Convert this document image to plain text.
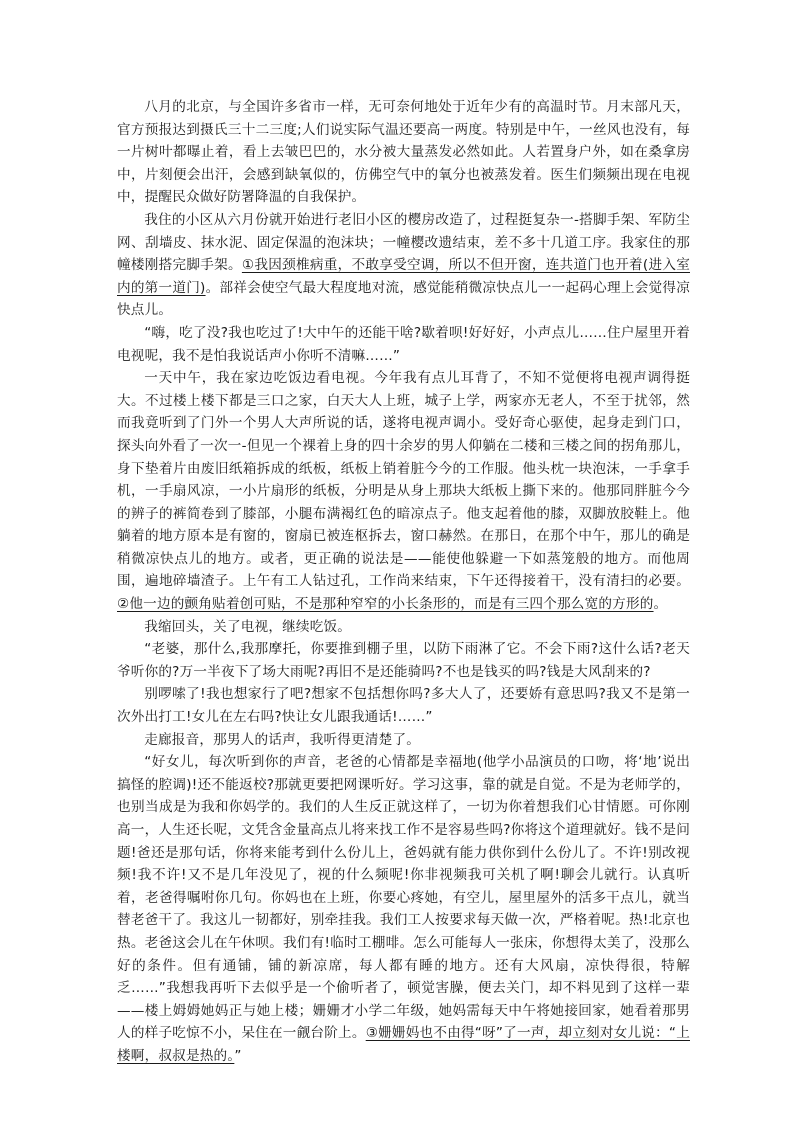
八月的北京，与全国许多省市一样，无可奈何地处于近年少有的高温时节。月末部凡天，官方预报达到摄氏三十二三度;人们说实际气温还要高一两度。特别是中午，一丝风也没有，每一片树叶都曝止着，看上去皱巴巴的，水分被大量蒸发必然如此。人若置身户外，如在桑拿房中，片刻便会出汗，会感到缺氧似的，仿佛空气中的氧分也被蒸发着。医生们频频出现在电视中，提醒民众做好防署降温的自我保护。

我住的小区从六月份就开始进行老旧小区的樱房改造了，过程挺复杂一-搭脚手架、军防尘网、刮墙皮、抹水泥、固定保温的泡沫块；一幢樱改遗结束，差不多十几道工序。我家住的那幢楼刚搭完脚手架。①我因颈椎病重，不敢享受空调，所以不但开窗，连共道门也开着(进入室内的第一道门)。部祥会使空气最大程度地对流，感觉能稍微凉快点儿一一起码心理上会觉得凉快点儿。

“嗨，吃了没?我也吃过了!大中午的还能干啥?歇着呗!好好好，小声点儿……住户屋里开着电视呢，我不是怕我说话声小你听不清嘛……”

一天中午，我在家边吃饭边看电视。今年我有点儿耳背了，不知不觉便将电视声调得挺大。不过楼上楼下都是三口之家，白天大人上班，城子上学，两家亦无老人，不至于扰邻，然而我竟听到了门外一个男人大声所说的话，遂将电视声调小。受好奇心驱使，起身走到门口，探头向外看了一次一-但见一个裸着上身的四十余岁的男人仰躺在二楼和三楼之间的拐角那儿，身下垫着片由废旧纸箱拆成的纸板，纸板上销着脏今今的工作服。他头枕一块泡沫，一手拿手机，一手扇风凉，一小片扇形的纸板，分明是从身上那块大纸板上撕下来的。他那同胖脏今今的辨子的裤简卷到了膝部，小腿布满褐红色的暗凉点子。他支起着他的膝，双脚放胶鞋上。他躺着的地方原本是有窗的，窗扇已被连枢拆去，窗口赫然。在那日，在那个中午，那儿的确是稍微凉快点儿的地方。或者，更正确的说法是——能使他躲避一下如蒸笼般的地方。而他周围，遍地碎墙渣子。上午有工人钻过孔，工作尚来结束，下午还得接着干，没有清扫的必要。②他一边的颤角贴着创可贴，不是那种窄窄的小长条形的，而是有三四个那么宽的方形的。

我缩回头，关了电视，继续吃饭。

“老婆，那什么,我那摩托，你要推到棚子里，以防下雨淋了它。不会下雨?这什么话?老天爷听你的?万一半夜下了场大雨呢?再旧不是还能骑吗?不也是钱买的吗?钱是大风刮来的?

别啰嗦了!我也想家行了吧?想家不包括想你吗?多大人了，还要娇有意思吗?我又不是第一次外出打工!女儿在左右吗?快让女儿跟我通话!……”

走廊报音，那男人的话声，我听得更清楚了。

“好女儿，每次听到你的声音，老爸的心情都是幸福地(他学小品演员的口吻，将‘地’说出搞怪的腔调)!还不能返校?那就更要把网课听好。学习这事，靠的就是自觉。不是为老师学的，也别当成是为我和你妈学的。我们的人生反正就这样了，一切为你着想我们心甘情愿。可你刚高一，人生还长呢，文凭含金量高点儿将来找工作不是容易些吗?你将这个道理就好。钱不是问题!爸还是那句话，你将来能考到什么份儿上，爸妈就有能力供你到什么份儿了。不许!别改视频!我不许!又不是几年没见了，视的什么频呢!你非视频我可关机了啊!聊会儿就行。认真听着，老爸得嘱咐你几句。你妈也在上班，你要心疼她，有空儿，屋里屋外的活多干点儿，就当替老爸干了。我这儿一韧都好，别牵挂我。我们工人按要求每天做一次，严格着呢。热!北京也热。老爸这会儿在午休呗。我们有!临时工棚啡。怎么可能每人一张床，你想得太美了，没那么好的条件。但有通铺，铺的新凉席，每人都有睡的地方。还有大风扇，凉快得很，特解乏……”我想我再听下去似乎是一个偷听者了，顿觉害臊，便去关门，却不料见到了这样一辈——楼上姆姆她妈正与她上楼；姗姗才小学二年级，她妈需每天中午将她接回家，她看着那男人的样子吃惊不小，呆住在一觎台阶上。③姗姗妈也不由得“呀”了一声，却立刻对女儿说：“上楼啊，叔叔是热的。”
